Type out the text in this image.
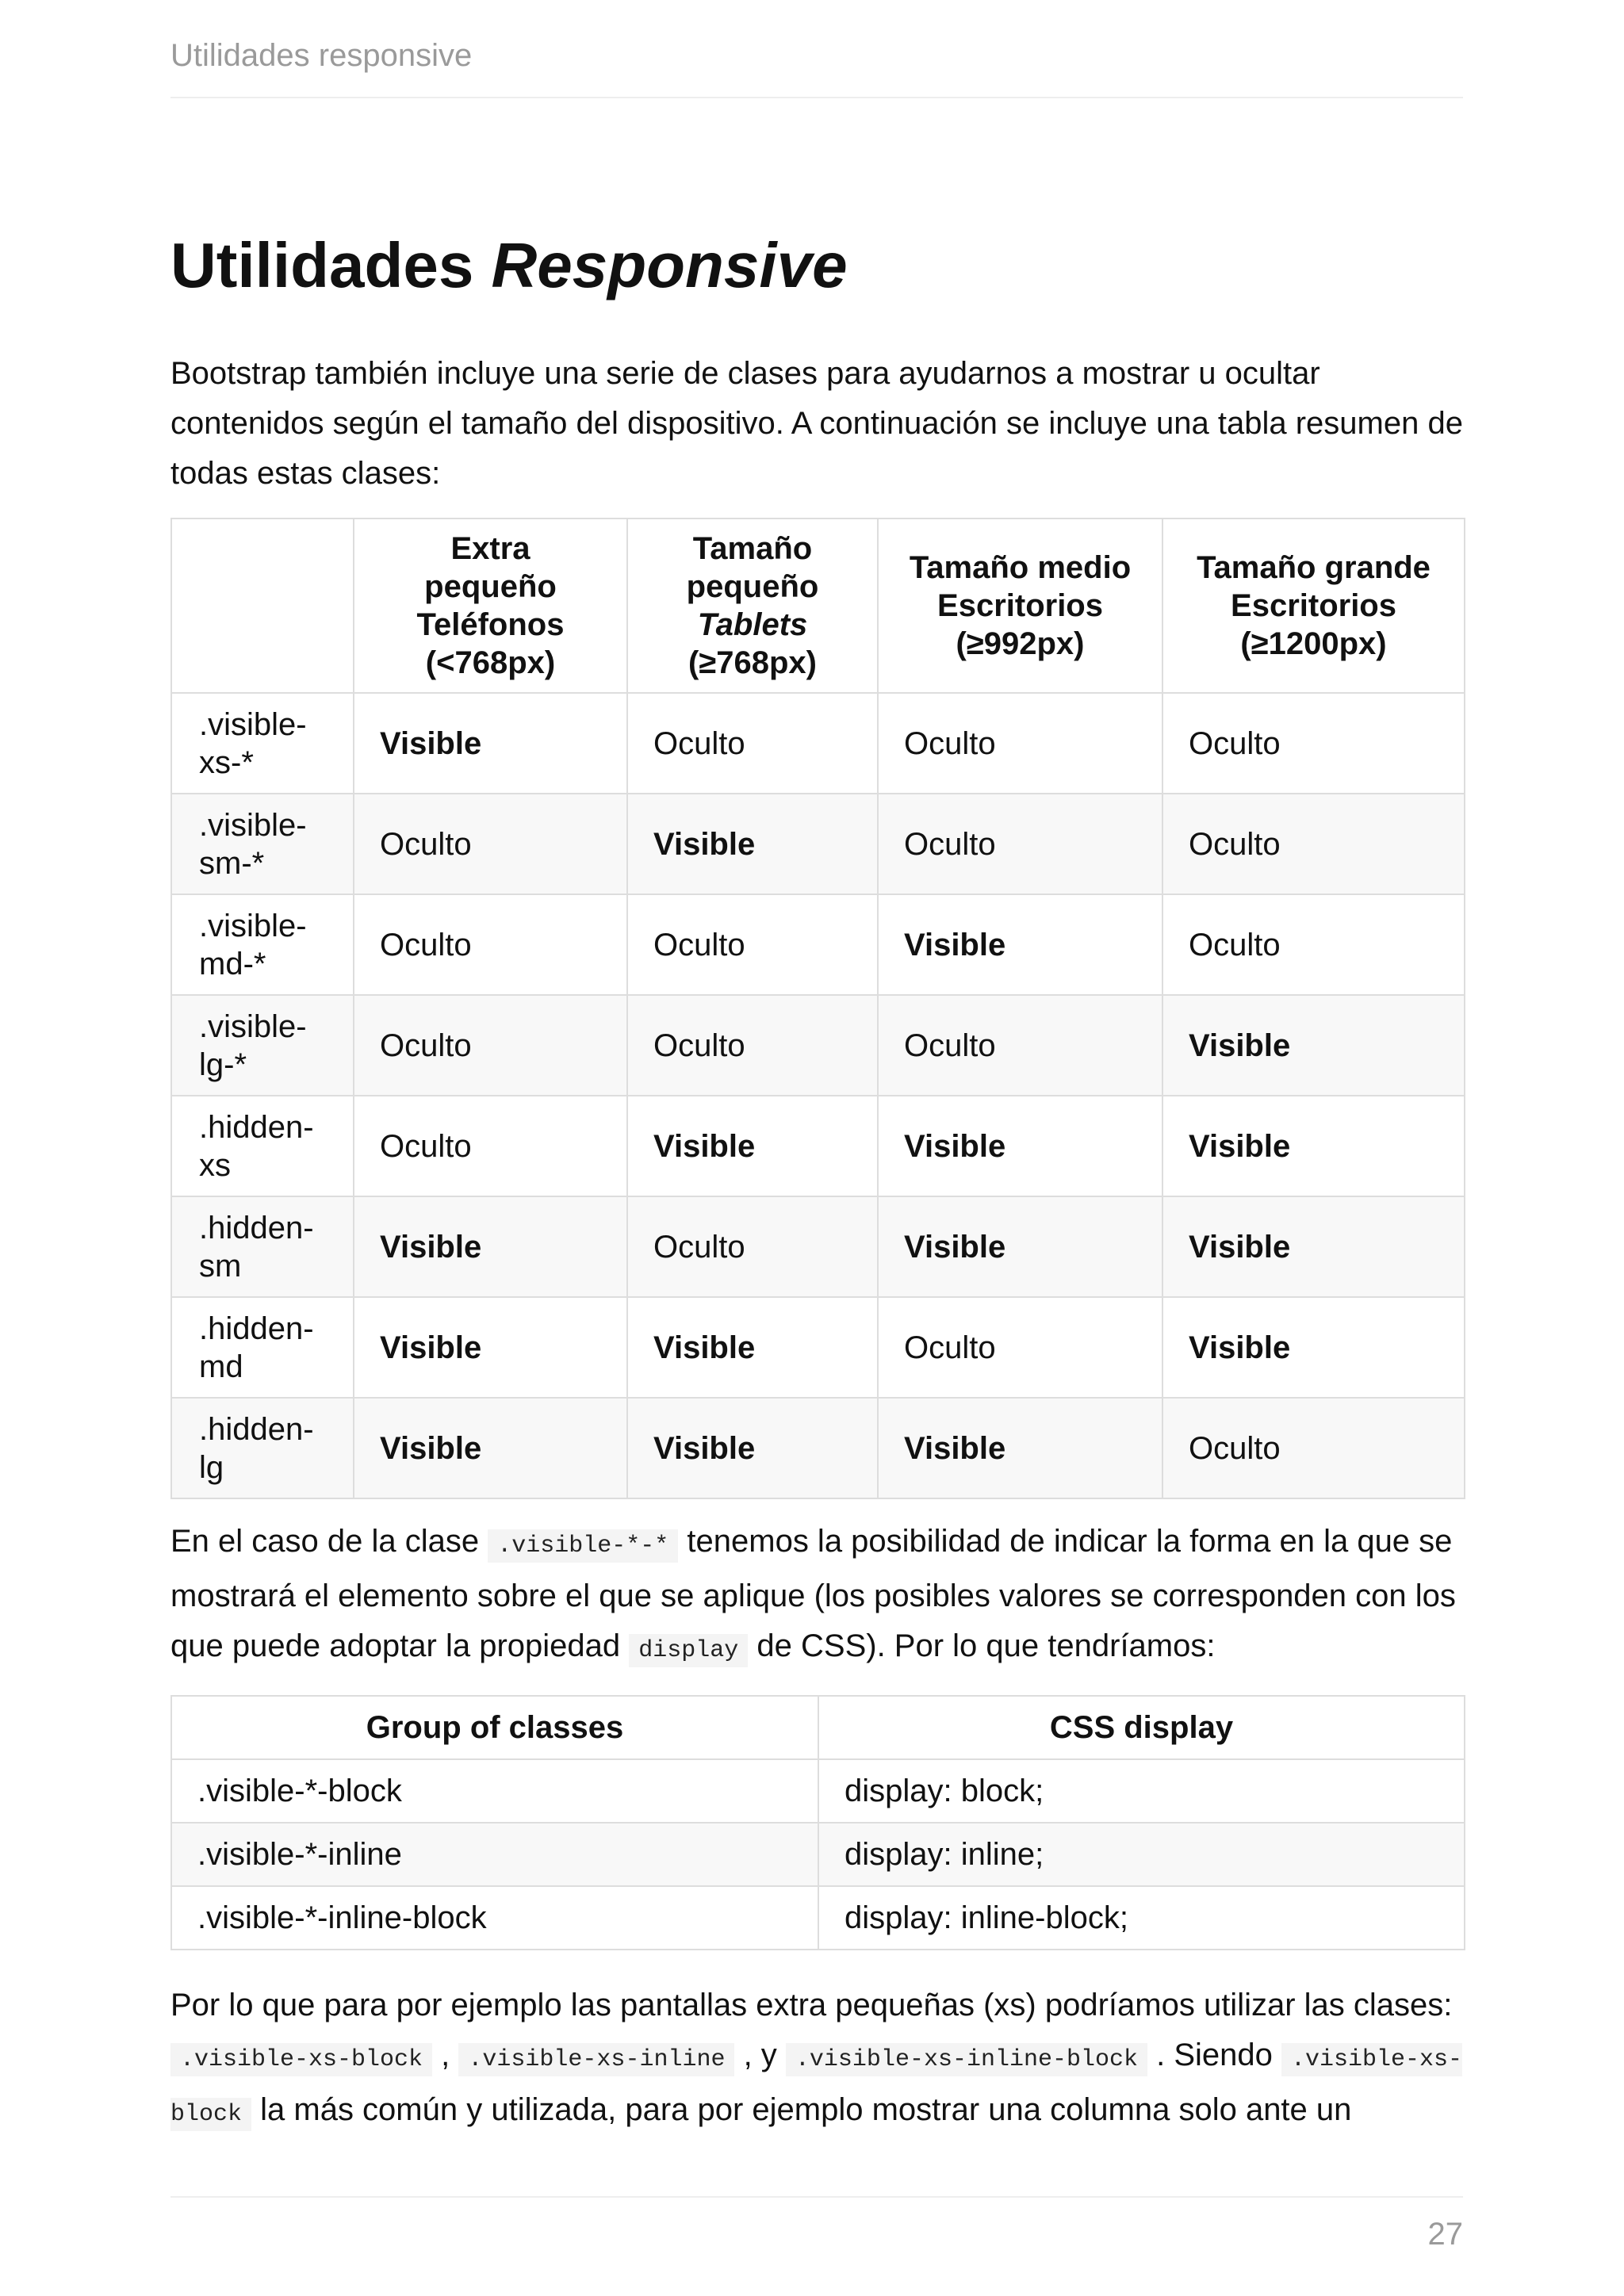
Utilidades responsive
Utilidades Responsive

Bootstrap también incluye una serie de clases para ayudarnos a mostrar u ocultar contenidos según el tamaño del dispositivo. A continuación se incluye una tabla resumen de todas estas clases:

	Extra
pequeño
Teléfonos
(<768px)	Tamaño
pequeño
Tablets
(≥768px)	Tamaño medio
Escritorios
(≥992px)	Tamaño grande
Escritorios
(≥1200px)
.visible-
xs-*	Visible	Oculto	Oculto	Oculto
.visible-
sm-*	Oculto	Visible	Oculto	Oculto
.visible-
md-*	Oculto	Oculto	Visible	Oculto
.visible-
lg-*	Oculto	Oculto	Oculto	Visible
.hidden-
xs	Oculto	Visible	Visible	Visible
.hidden-
sm	Visible	Oculto	Visible	Visible
.hidden-
md	Visible	Visible	Oculto	Visible
.hidden-
lg	Visible	Visible	Visible	Oculto

En el caso de la clase .visible-*-* tenemos la posibilidad de indicar la forma en la que se mostrará el elemento sobre el que se aplique (los posibles valores se corresponden con los que puede adoptar la propiedad display de CSS). Por lo que tendríamos:

Group of classes	CSS display
.visible-*-block	display: block;
.visible-*-inline	display: inline;
.visible-*-inline-block	display: inline-block;

Por lo que para por ejemplo las pantallas extra pequeñas (xs) podríamos utilizar las clases: .visible-xs-block , .visible-xs-inline , y .visible-xs-inline-block . Siendo .visible-xs-block la más común y utilizada, para por ejemplo mostrar una columna solo ante un

27
